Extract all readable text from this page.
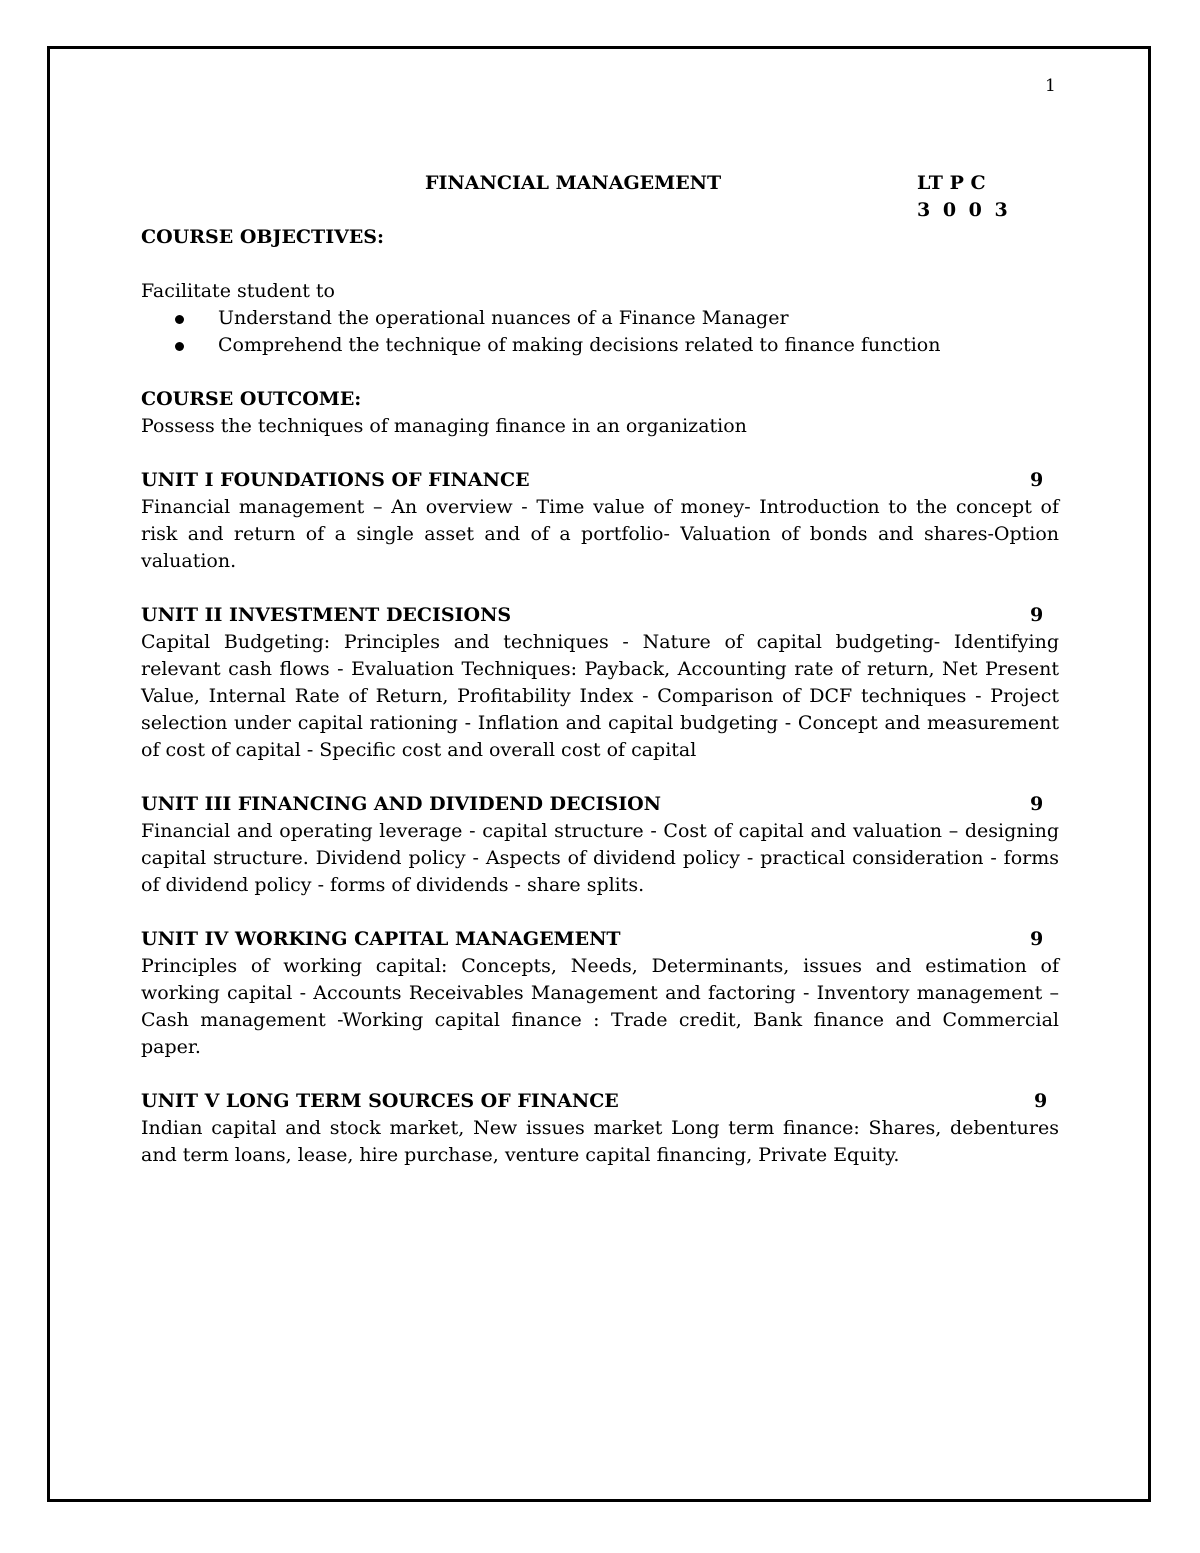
1
FINANCIAL MANAGEMENT	LT P C
3 0 0 3

COURSE OBJECTIVES:

Facilitate student to

Understand the operational nuances of a Finance Manager
Comprehend the technique of making decisions related to finance function

COURSE OUTCOME:

Possess the techniques of managing finance in an organization

UNIT I FOUNDATIONS OF FINANCE	9

Financial management – An overview - Time value of money- Introduction to the concept of risk and return of a single asset and of a portfolio- Valuation of bonds and shares-Option valuation.

UNIT II INVESTMENT DECISIONS	9

Capital Budgeting: Principles and techniques - Nature of capital budgeting- Identifying relevant cash flows - Evaluation Techniques: Payback, Accounting rate of return, Net Present Value, Internal Rate of Return, Profitability Index - Comparison of DCF techniques - Project selection under capital rationing - Inflation and capital budgeting - Concept and measurement of cost of capital - Specific cost and overall cost of capital

UNIT III FINANCING AND DIVIDEND DECISION	9

Financial and operating leverage - capital structure - Cost of capital and valuation – designing capital structure. Dividend policy - Aspects of dividend policy - practical consideration - forms of dividend policy - forms of dividends - share splits.

UNIT IV WORKING CAPITAL MANAGEMENT	9

Principles of working capital: Concepts, Needs, Determinants, issues and estimation of working capital - Accounts Receivables Management and factoring - Inventory management – Cash management -Working capital finance : Trade credit, Bank finance and Commercial paper.

UNIT V LONG TERM SOURCES OF FINANCE	9

Indian capital and stock market, New issues market Long term finance: Shares, debentures and term loans, lease, hire purchase, venture capital financing, Private Equity.
